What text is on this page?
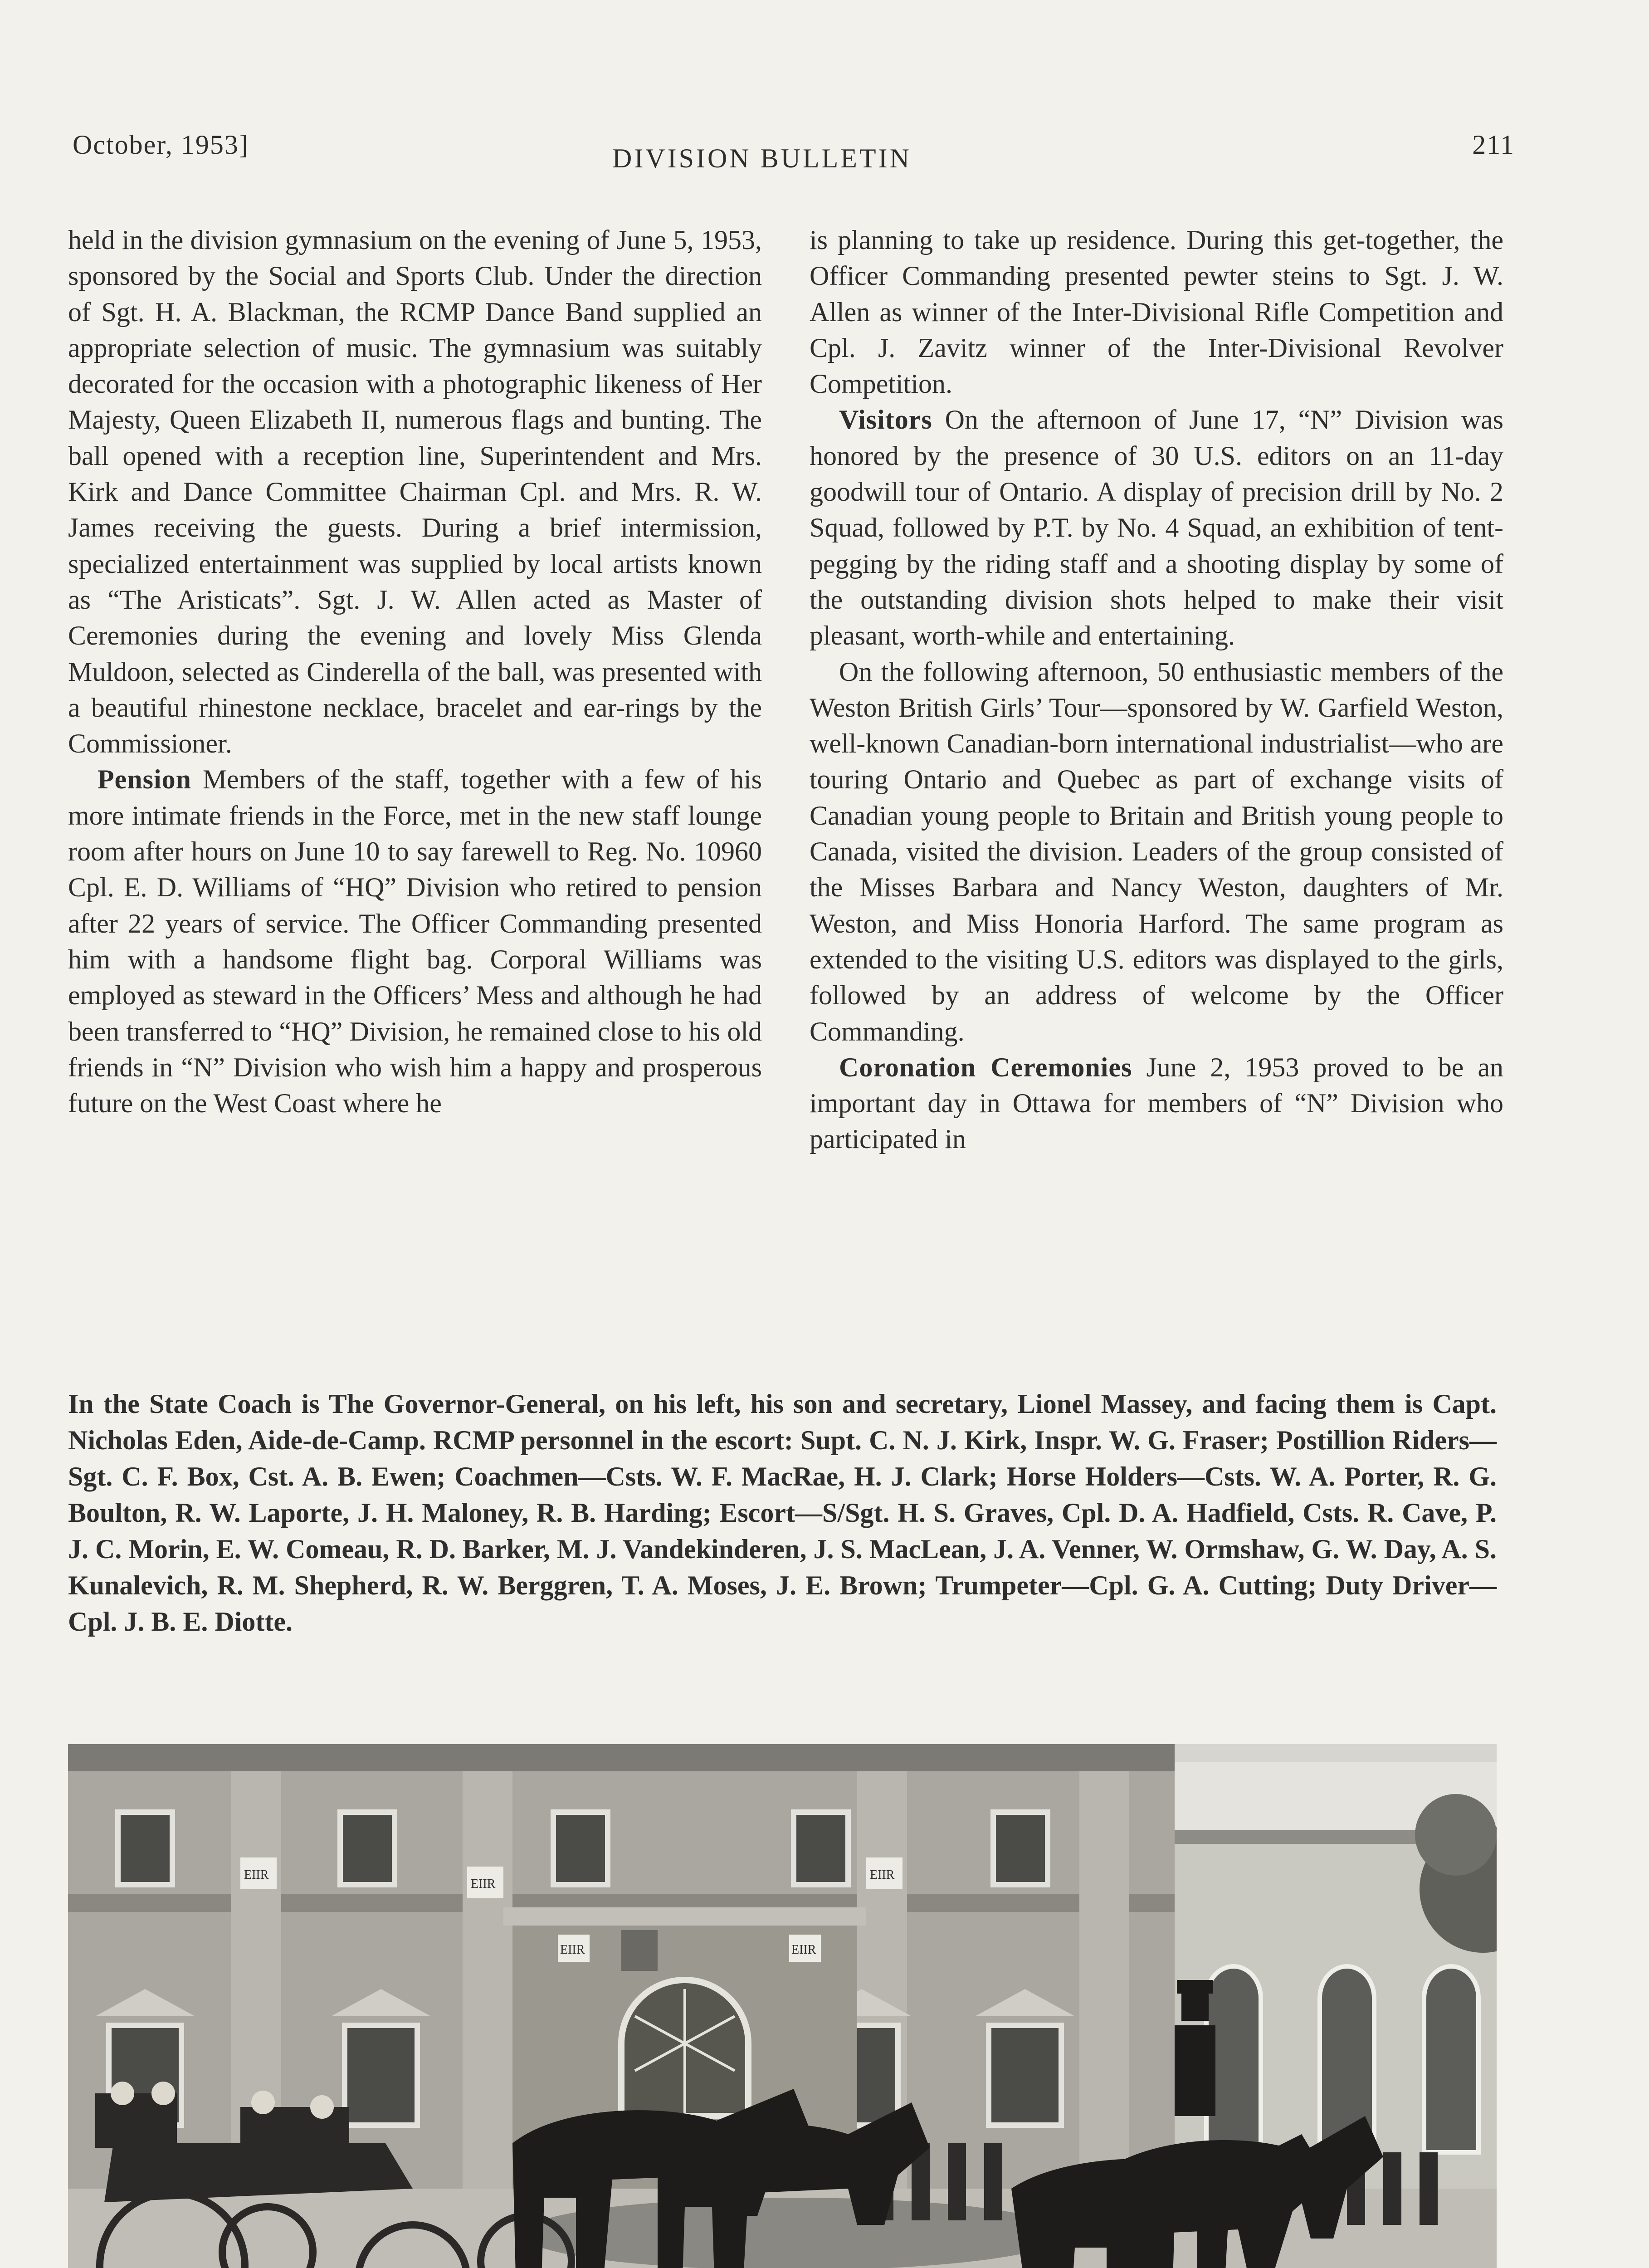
October, 1953]	DIVISION BULLETIN	211

held in the division gymnasium on the evening of June 5, 1953, sponsored by the Social and Sports Club. Under the direction of Sgt. H. A. Blackman, the RCMP Dance Band supplied an appropriate selection of music. The gymnasium was suitably decorated for the occasion with a photographic likeness of Her Majesty, Queen Elizabeth II, numerous flags and bunting. The ball opened with a reception line, Superintendent and Mrs. Kirk and Dance Committee Chairman Cpl. and Mrs. R. W. James receiving the guests. During a brief intermission, specialized entertainment was supplied by local artists known as “The Aristicats”. Sgt. J. W. Allen acted as Master of Ceremonies during the evening and lovely Miss Glenda Muldoon, selected as Cinderella of the ball, was presented with a beautiful rhinestone necklace, bracelet and ear-rings by the Commissioner.

Pension Members of the staff, together with a few of his more intimate friends in the Force, met in the new staff lounge room after hours on June 10 to say farewell to Reg. No. 10960 Cpl. E. D. Williams of “HQ” Division who retired to pension after 22 years of service. The Officer Commanding presented him with a handsome flight bag. Corporal Williams was employed as steward in the Officers’ Mess and although he had been transferred to “HQ” Division, he remained close to his old friends in “N” Division who wish him a happy and prosperous future on the West Coast where he

is planning to take up residence. During this get-together, the Officer Commanding presented pewter steins to Sgt. J. W. Allen as winner of the Inter-Divisional Rifle Competition and Cpl. J. Zavitz winner of the Inter-Divisional Revolver Competition.

Visitors On the afternoon of June 17, “N” Division was honored by the presence of 30 U.S. editors on an 11-day goodwill tour of Ontario. A display of precision drill by No. 2 Squad, followed by P.T. by No. 4 Squad, an exhibition of tent-pegging by the riding staff and a shooting display by some of the outstanding division shots helped to make their visit pleasant, worth-while and entertaining.

On the following afternoon, 50 enthusiastic members of the Weston British Girls’ Tour—sponsored by W. Garfield Weston, well-known Canadian-born international industrialist—who are touring Ontario and Quebec as part of exchange visits of Canadian young people to Britain and British young people to Canada, visited the division. Leaders of the group consisted of the Misses Barbara and Nancy Weston, daughters of Mr. Weston, and Miss Honoria Harford. The same program as extended to the visiting U.S. editors was displayed to the girls, followed by an address of welcome by the Officer Commanding.

Coronation Ceremonies June 2, 1953 proved to be an important day in Ottawa for members of “N” Division who participated in

In the State Coach is The Governor-General, on his left, his son and secretary, Lionel Massey, and facing them is Capt. Nicholas Eden, Aide-de-Camp. RCMP personnel in the escort: Supt. C. N. J. Kirk, Inspr. W. G. Fraser; Postillion Riders—Sgt. C. F. Box, Cst. A. B. Ewen; Coachmen—Csts. W. F. MacRae, H. J. Clark; Horse Holders—Csts. W. A. Porter, R. G. Boulton, R. W. Laporte, J. H. Maloney, R. B. Harding; Escort—S/Sgt. H. S. Graves, Cpl. D. A. Hadfield, Csts. R. Cave, P. J. C. Morin, E. W. Comeau, R. D. Barker, M. J. Vandekinderen, J. S. MacLean, J. A. Venner, W. Ormshaw, G. W. Day, A. S. Kunalevich, R. M. Shepherd, R. W. Berggren, T. A. Moses, J. E. Brown; Trumpeter—Cpl. G. A. Cutting; Duty Driver—Cpl. J. B. E. Diotte.
EIIR
EIIR
EIIR	EIIR
EIIR
